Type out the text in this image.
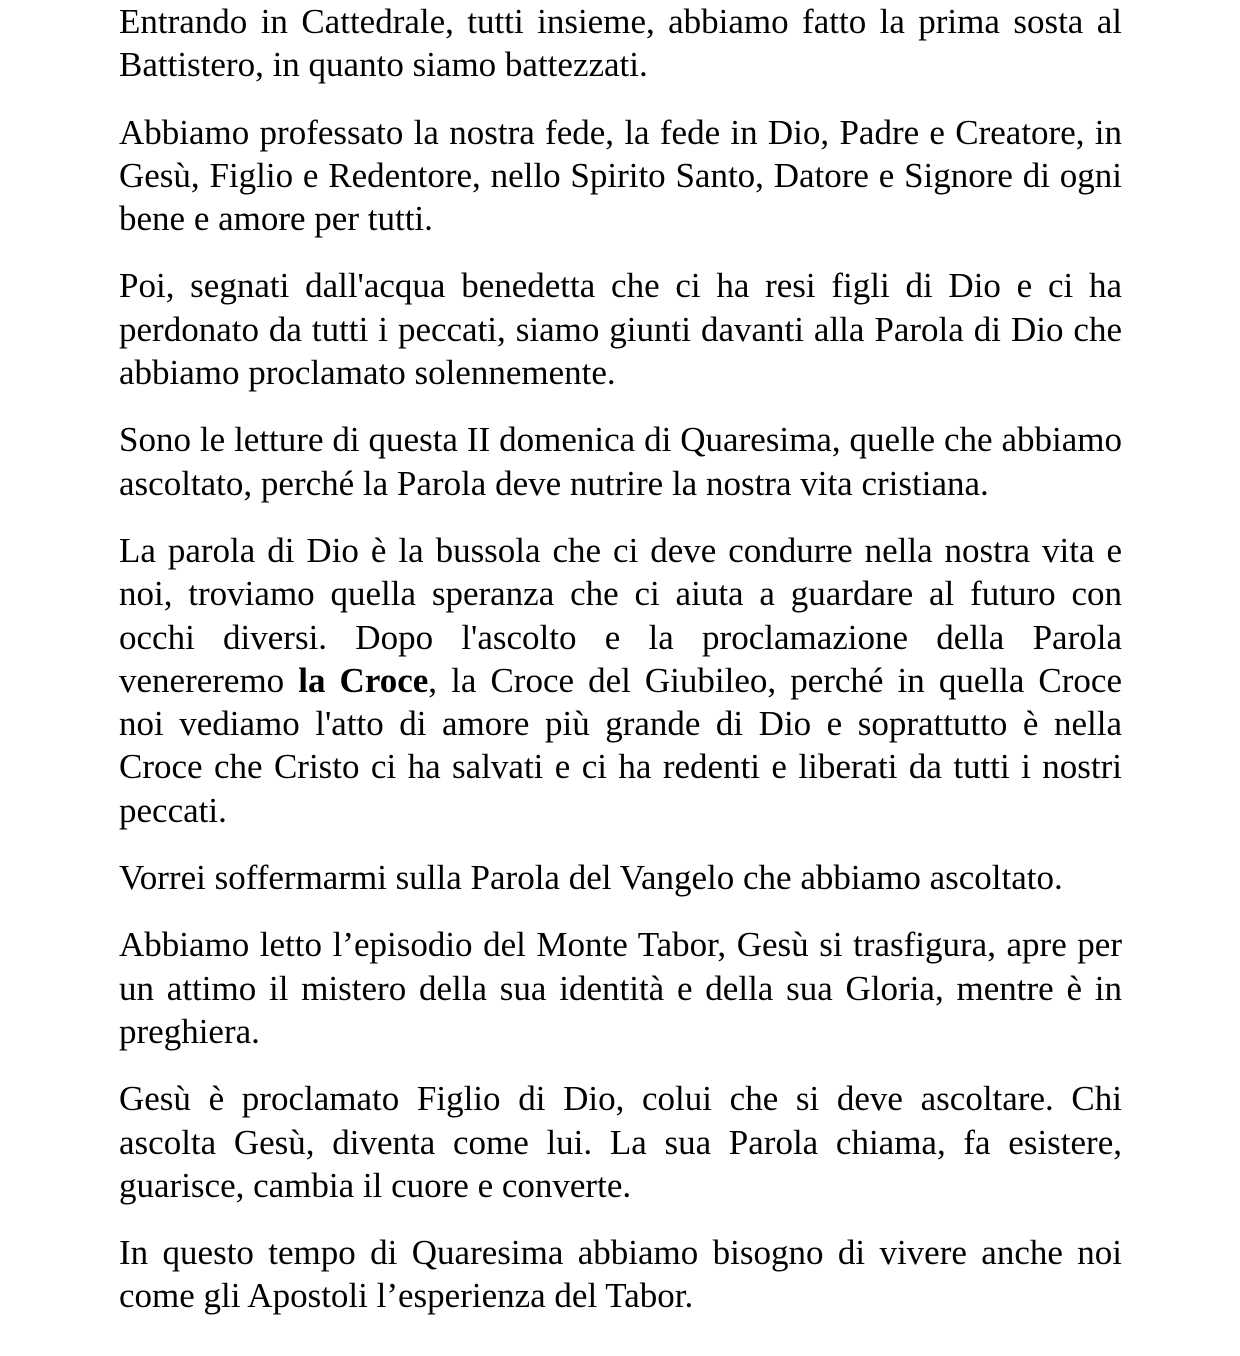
Entrando in Cattedrale, tutti insieme, abbiamo fatto la prima sosta al Battistero, in quanto siamo battezzati.

Abbiamo professato la nostra fede, la fede in Dio, Padre e Creatore, in Gesù, Figlio e Redentore, nello Spirito Santo, Datore e Signore di ogni bene e amore per tutti.

Poi, segnati dall'acqua benedetta che ci ha resi figli di Dio e ci ha perdonato da tutti i peccati, siamo giunti davanti alla Parola di Dio che abbiamo proclamato solennemente.

Sono le letture di questa II domenica di Quaresima, quelle che abbiamo ascoltato, perché la Parola deve nutrire la nostra vita cristiana.

La parola di Dio è la bussola che ci deve condurre nella nostra vita e noi, troviamo quella speranza che ci aiuta a guardare al futuro con occhi diversi. Dopo l'ascolto e la proclamazione della Parola venereremo la Croce, la Croce del Giubileo, perché in quella Croce noi vediamo l'atto di amore più grande di Dio e soprattutto è nella Croce che Cristo ci ha salvati e ci ha redenti e liberati da tutti i nostri peccati.

Vorrei soffermarmi sulla Parola del Vangelo che abbiamo ascoltato.

Abbiamo letto l’episodio del Monte Tabor, Gesù si trasfigura, apre per un attimo il mistero della sua identità e della sua Gloria, mentre è in preghiera.

Gesù è proclamato Figlio di Dio, colui che si deve ascoltare. Chi ascolta Gesù, diventa come lui. La sua Parola chiama, fa esistere, guarisce, cambia il cuore e converte.

In questo tempo di Quaresima abbiamo bisogno di vivere anche noi come gli Apostoli l’esperienza del Tabor.
